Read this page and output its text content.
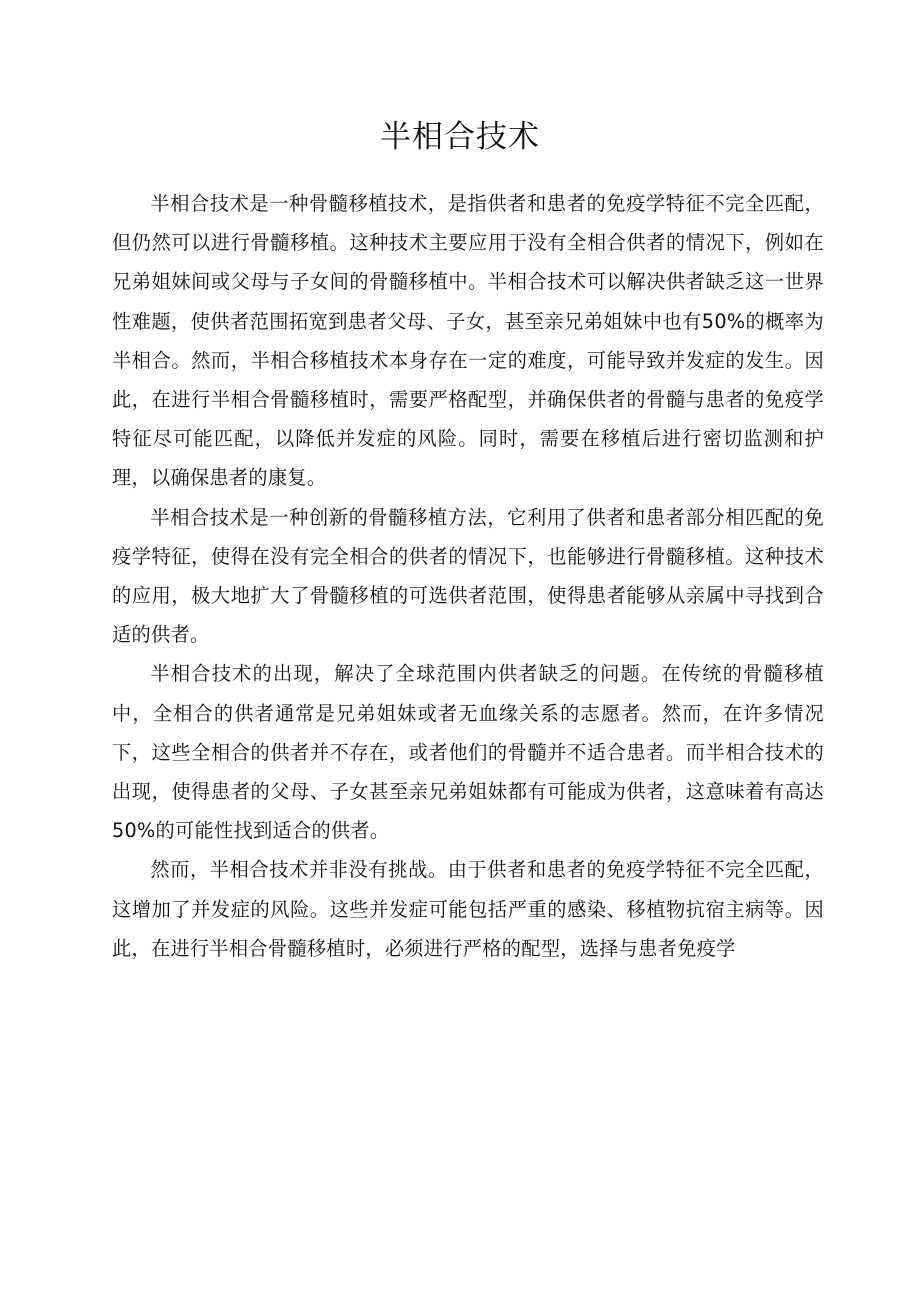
半相合技术

半相合技术是一种骨髓移植技术，是指供者和患者的免疫学特征不完全匹配，但仍然可以进行骨髓移植。这种技术主要应用于没有全相合供者的情况下，例如在兄弟姐妹间或父母与子女间的骨髓移植中。半相合技术可以解决供者缺乏这一世界性难题，使供者范围拓宽到患者父母、子女，甚至亲兄弟姐妹中也有50%的概率为半相合。然而，半相合移植技术本身存在一定的难度，可能导致并发症的发生。因此，在进行半相合骨髓移植时，需要严格配型，并确保供者的骨髓与患者的免疫学特征尽可能匹配，以降低并发症的风险。同时，需要在移植后进行密切监测和护理，以确保患者的康复。

半相合技术是一种创新的骨髓移植方法，它利用了供者和患者部分相匹配的免疫学特征，使得在没有完全相合的供者的情况下，也能够进行骨髓移植。这种技术的应用，极大地扩大了骨髓移植的可选供者范围，使得患者能够从亲属中寻找到合适的供者。

半相合技术的出现，解决了全球范围内供者缺乏的问题。在传统的骨髓移植中，全相合的供者通常是兄弟姐妹或者无血缘关系的志愿者。然而，在许多情况下，这些全相合的供者并不存在，或者他们的骨髓并不适合患者。而半相合技术的出现，使得患者的父母、子女甚至亲兄弟姐妹都有可能成为供者，这意味着有高达50%的可能性找到适合的供者。

然而，半相合技术并非没有挑战。由于供者和患者的免疫学特征不完全匹配，这增加了并发症的风险。这些并发症可能包括严重的感染、移植物抗宿主病等。因此，在进行半相合骨髓移植时，必须进行严格的配型，选择与患者免疫学
